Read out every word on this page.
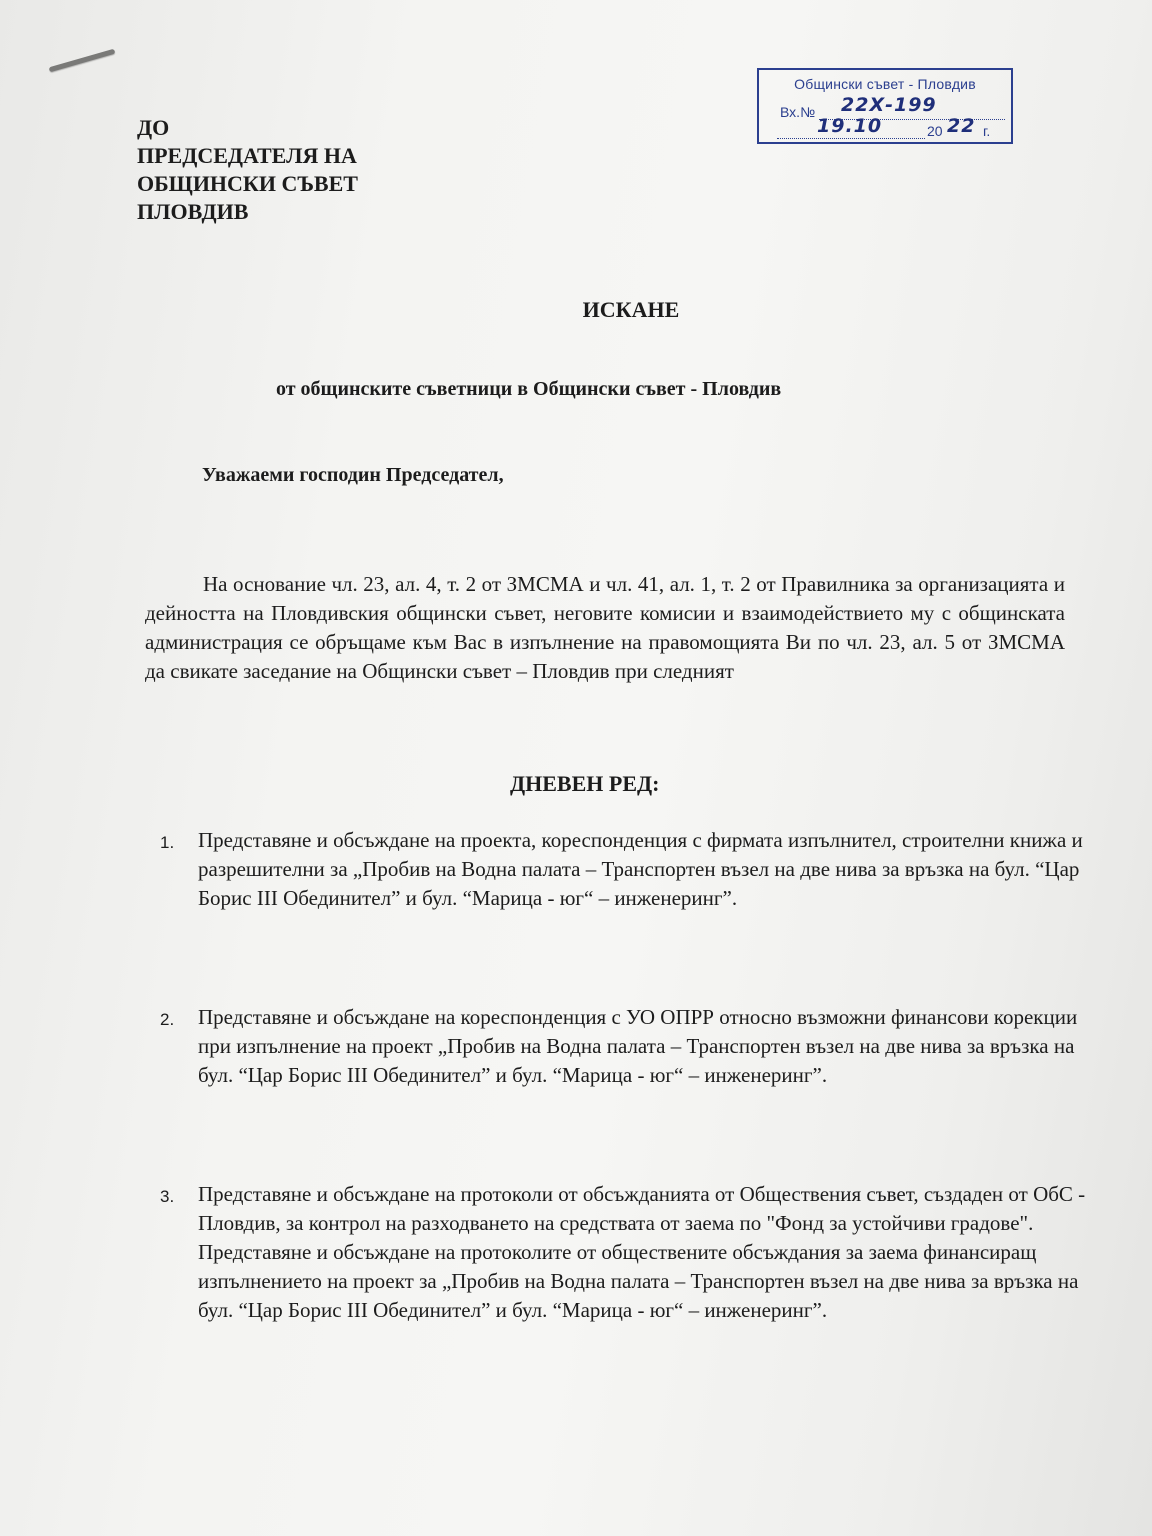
ДО
ПРЕДСЕДАТЕЛЯ НА
ОБЩИНСКИ СЪВЕТ
ПЛОВДИВ
Общински съвет - Пловдив
Вх.№ 22Х-199
19.10	20 22 г.
ИСКАНЕ
от общинските съветници в Общински съвет - Пловдив
Уважаеми господин Председател,
На основание чл. 23, ал. 4, т. 2 от ЗМСМА и чл. 41, ал. 1, т. 2 от Правилника за организацията и дейността на Пловдивския общински съвет, неговите комисии и взаимодействието му с общинската администрация се обръщаме към Вас в изпълнение на правомощията Ви по чл. 23, ал. 5 от ЗМСМА да свикате заседание на Общински съвет – Пловдив при следният
ДНЕВЕН РЕД:
1. Представяне и обсъждане на проекта, кореспонденция с фирмата изпълнител, строителни книжа и разрешителни за „Пробив на Водна палата – Транспортен възел на две нива за връзка на бул. “Цар Борис III Обединител” и бул. “Марица - юг“ – инженеринг”.
2. Представяне и обсъждане на кореспонденция с УО ОПРР относно възможни финансови корекции при изпълнение на проект „Пробив на Водна палата – Транспортен възел на две нива за връзка на бул. “Цар Борис III Обединител” и бул. “Марица - юг“ – инженеринг”.
3. Представяне и обсъждане на протоколи от обсъжданията от Обществения съвет, създаден от ОбС - Пловдив, за контрол на разходването на средствата от заема по "Фонд за устойчиви градове". Представяне и обсъждане на протоколите от обществените обсъждания за заема финансиращ изпълнението на проект за „Пробив на Водна палата – Транспортен възел на две нива за връзка на бул. “Цар Борис III Обединител” и бул. “Марица - юг“ – инженеринг”.
